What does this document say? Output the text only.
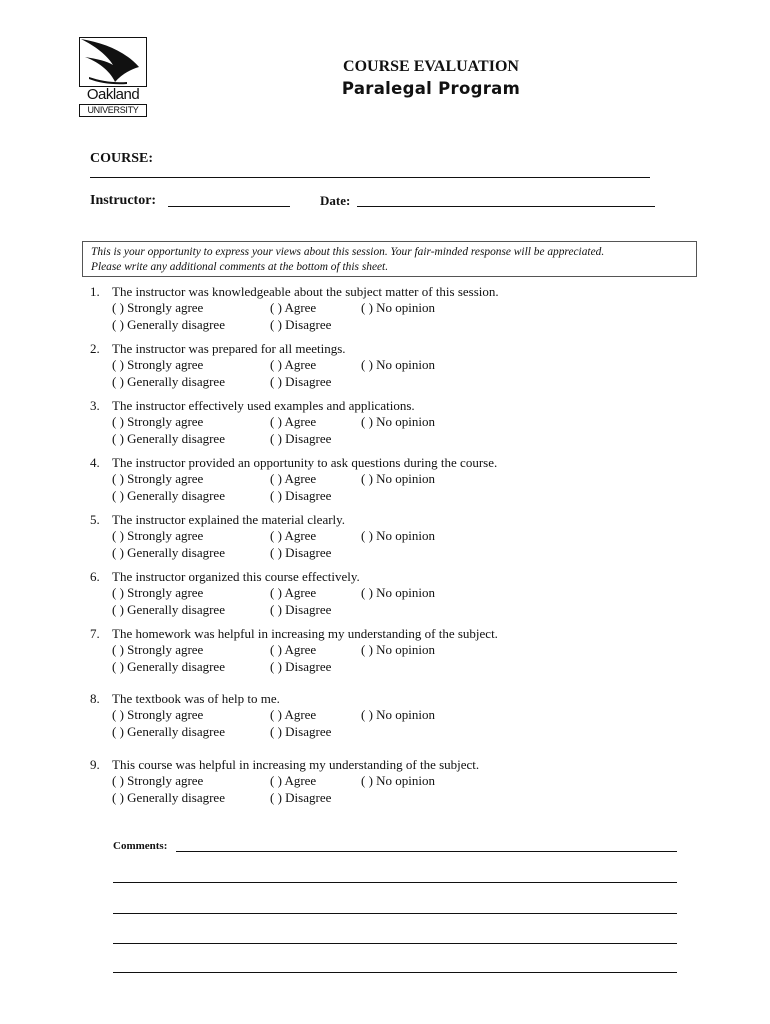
Oakland
UNIVERSITY
COURSE EVALUATION
Paralegal Program
COURSE:
Instructor:	Date:
This is your opportunity to express your views about this session. Your fair-minded response will be appreciated.
Please write any additional comments at the bottom of this sheet.
1. The instructor was knowledgeable about the subject matter of this session.
( ) Strongly agree	( ) Agree	( ) No opinion
( ) Generally disagree	( ) Disagree
2. The instructor was prepared for all meetings.
( ) Strongly agree	( ) Agree	( ) No opinion
( ) Generally disagree	( ) Disagree
3. The instructor effectively used examples and applications.
( ) Strongly agree	( ) Agree	( ) No opinion
( ) Generally disagree	( ) Disagree
4. The instructor provided an opportunity to ask questions during the course.
( ) Strongly agree	( ) Agree	( ) No opinion
( ) Generally disagree	( ) Disagree
5. The instructor explained the material clearly.
( ) Strongly agree	( ) Agree	( ) No opinion
( ) Generally disagree	( ) Disagree
6. The instructor organized this course effectively.
( ) Strongly agree	( ) Agree	( ) No opinion
( ) Generally disagree	( ) Disagree
7. The homework was helpful in increasing my understanding of the subject.
( ) Strongly agree	( ) Agree	( ) No opinion
( ) Generally disagree	( ) Disagree
8. The textbook was of help to me.
( ) Strongly agree	( ) Agree	( ) No opinion
( ) Generally disagree	( ) Disagree
9. This course was helpful in increasing my understanding of the subject.
( ) Strongly agree	( ) Agree	( ) No opinion
( ) Generally disagree	( ) Disagree
Comments:
